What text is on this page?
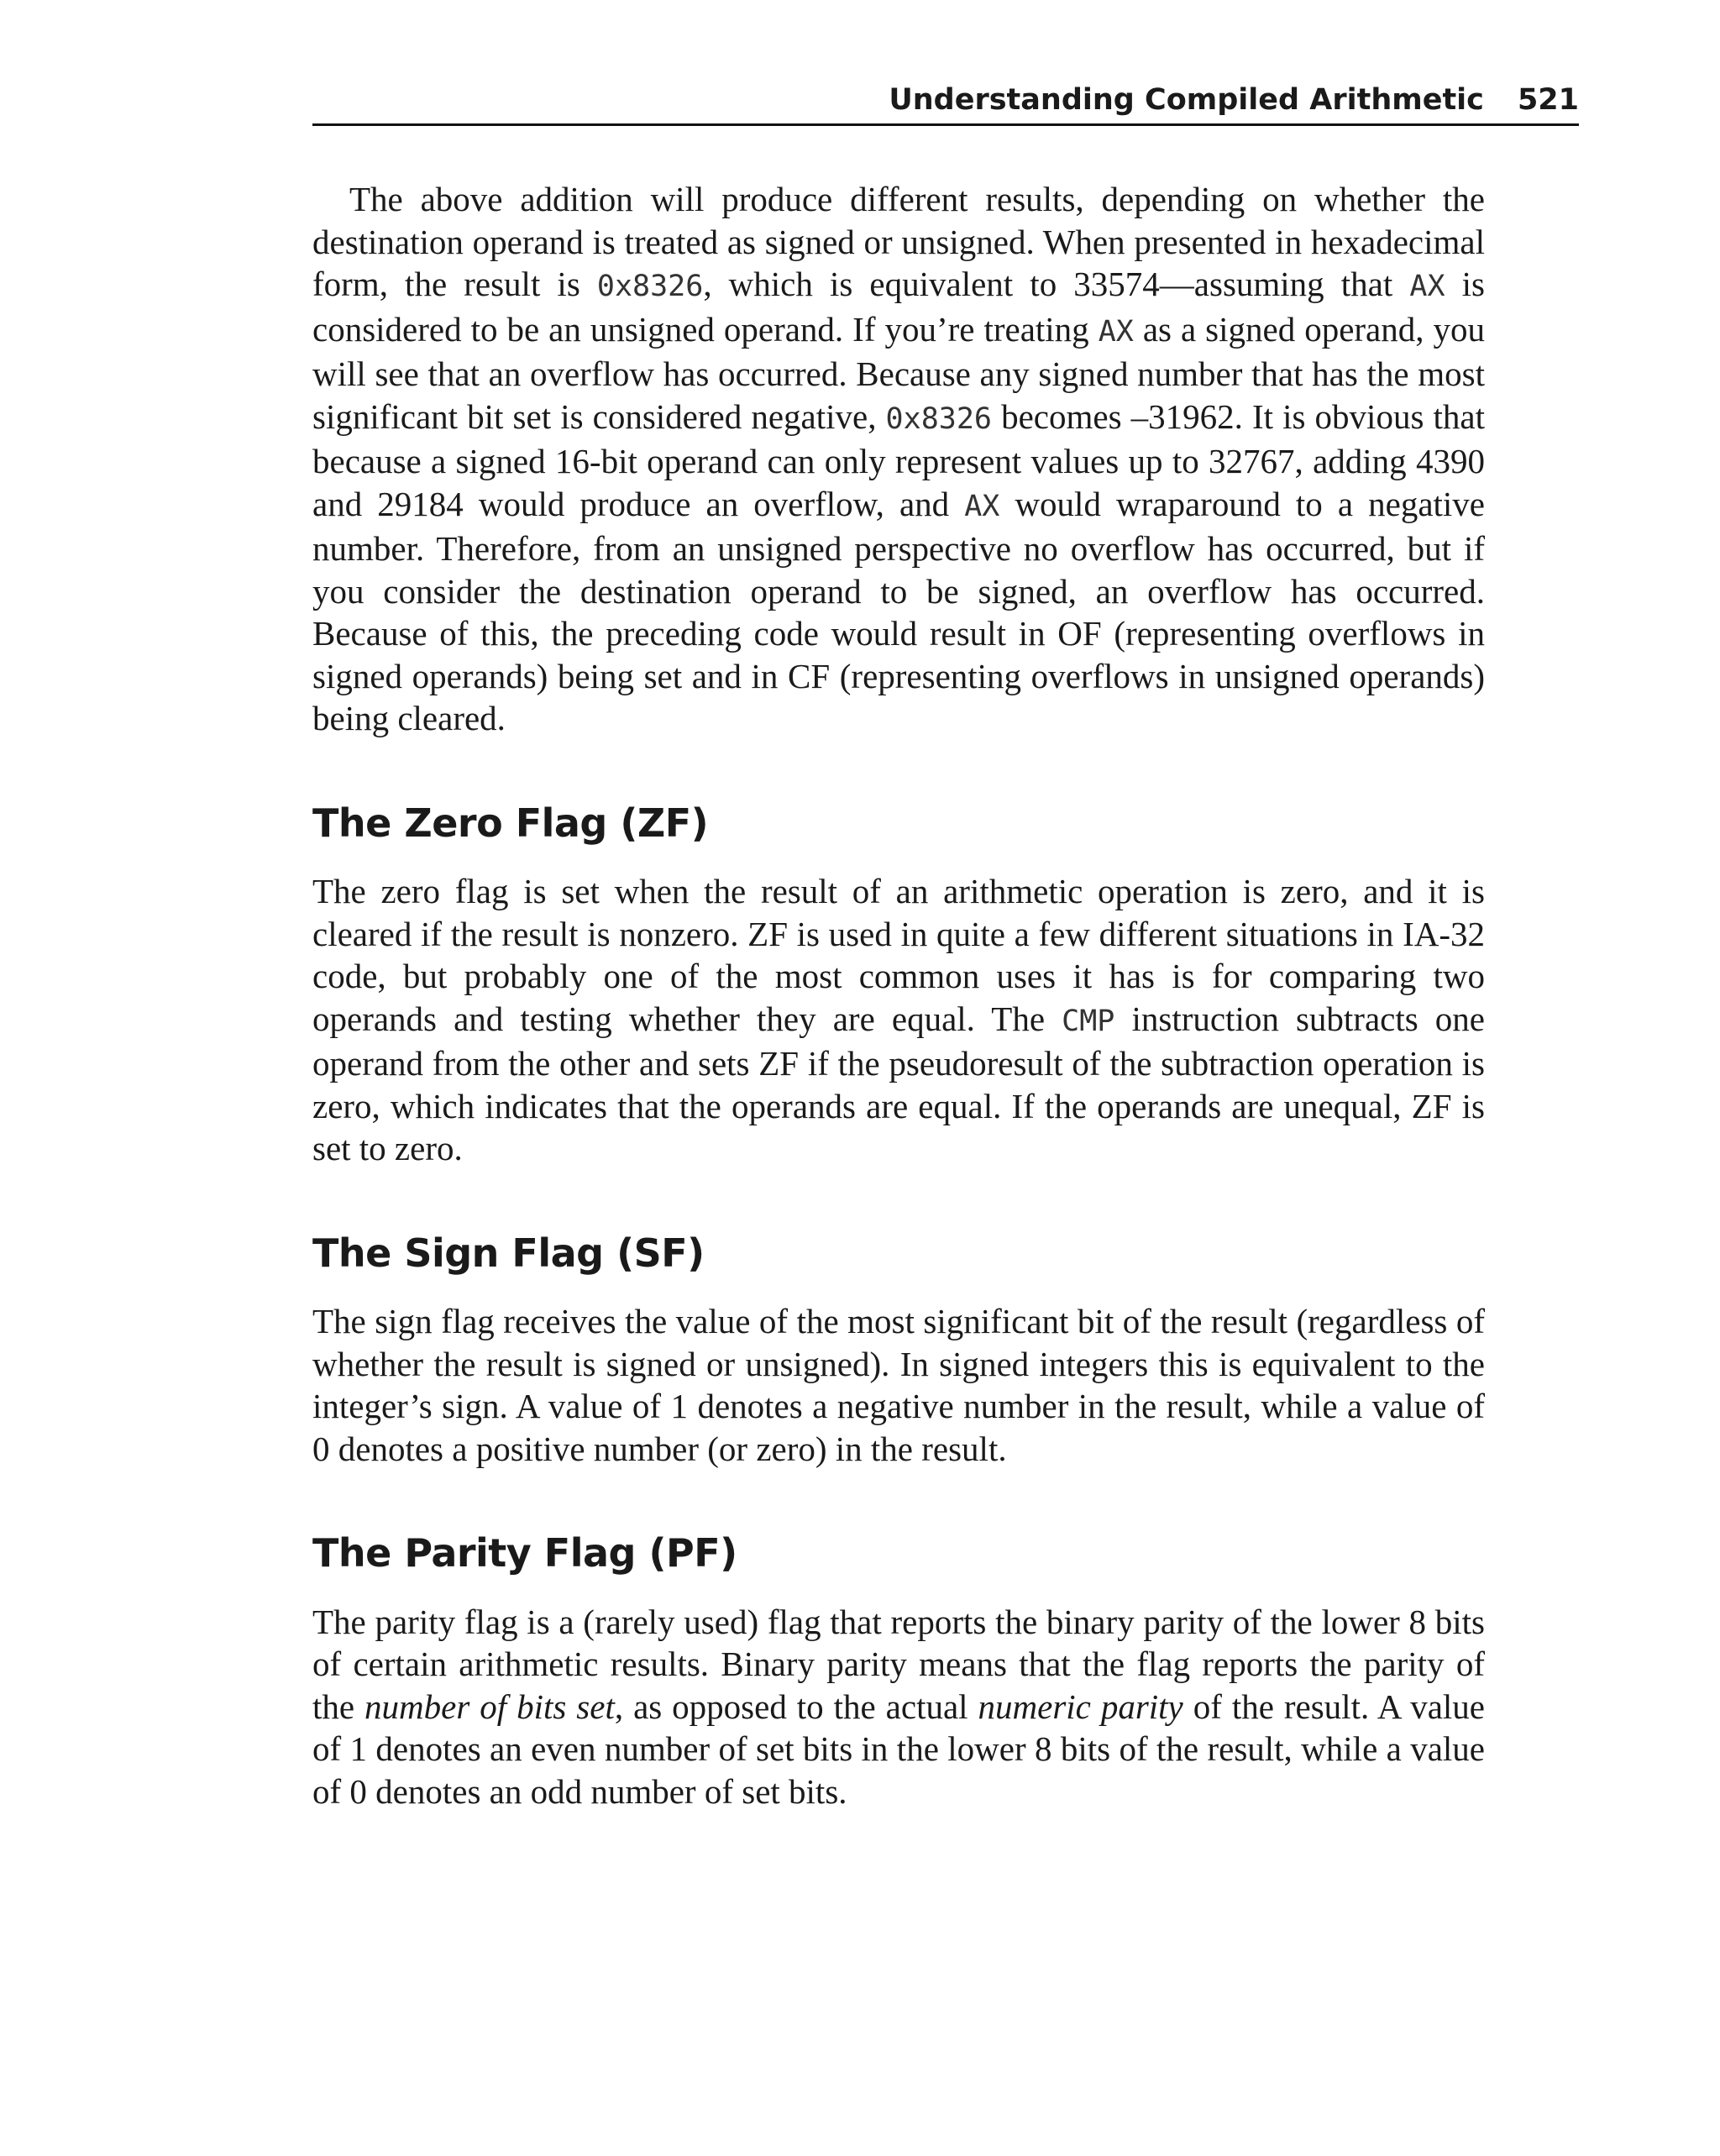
Understanding Compiled Arithmetic 521

The above addition will produce different results, depending on whether the destination operand is treated as signed or unsigned. When presented in hexadecimal form, the result is 0x8326, which is equivalent to 33574—assuming that AX is considered to be an unsigned operand. If you’re treating AX as a signed operand, you will see that an overflow has occurred. Because any signed number that has the most significant bit set is considered negative, 0x8326 becomes –31962. It is obvious that because a signed 16-bit operand can only represent values up to 32767, adding 4390 and 29184 would produce an overflow, and AX would wraparound to a negative number. Therefore, from an unsigned perspective no overflow has occurred, but if you consider the destination operand to be signed, an overflow has occurred. Because of this, the preceding code would result in OF (representing overflows in signed operands) being set and in CF (representing overflows in unsigned operands) being cleared.

The Zero Flag (ZF)

The zero flag is set when the result of an arithmetic operation is zero, and it is cleared if the result is nonzero. ZF is used in quite a few different situations in IA-32 code, but probably one of the most common uses it has is for comparing two operands and testing whether they are equal. The CMP instruction subtracts one operand from the other and sets ZF if the pseudoresult of the subtraction operation is zero, which indicates that the operands are equal. If the operands are unequal, ZF is set to zero.

The Sign Flag (SF)

The sign flag receives the value of the most significant bit of the result (regardless of whether the result is signed or unsigned). In signed integers this is equivalent to the integer’s sign. A value of 1 denotes a negative number in the result, while a value of 0 denotes a positive number (or zero) in the result.

The Parity Flag (PF)

The parity flag is a (rarely used) flag that reports the binary parity of the lower 8 bits of certain arithmetic results. Binary parity means that the flag reports the parity of the number of bits set, as opposed to the actual numeric parity of the result. A value of 1 denotes an even number of set bits in the lower 8 bits of the result, while a value of 0 denotes an odd number of set bits.
